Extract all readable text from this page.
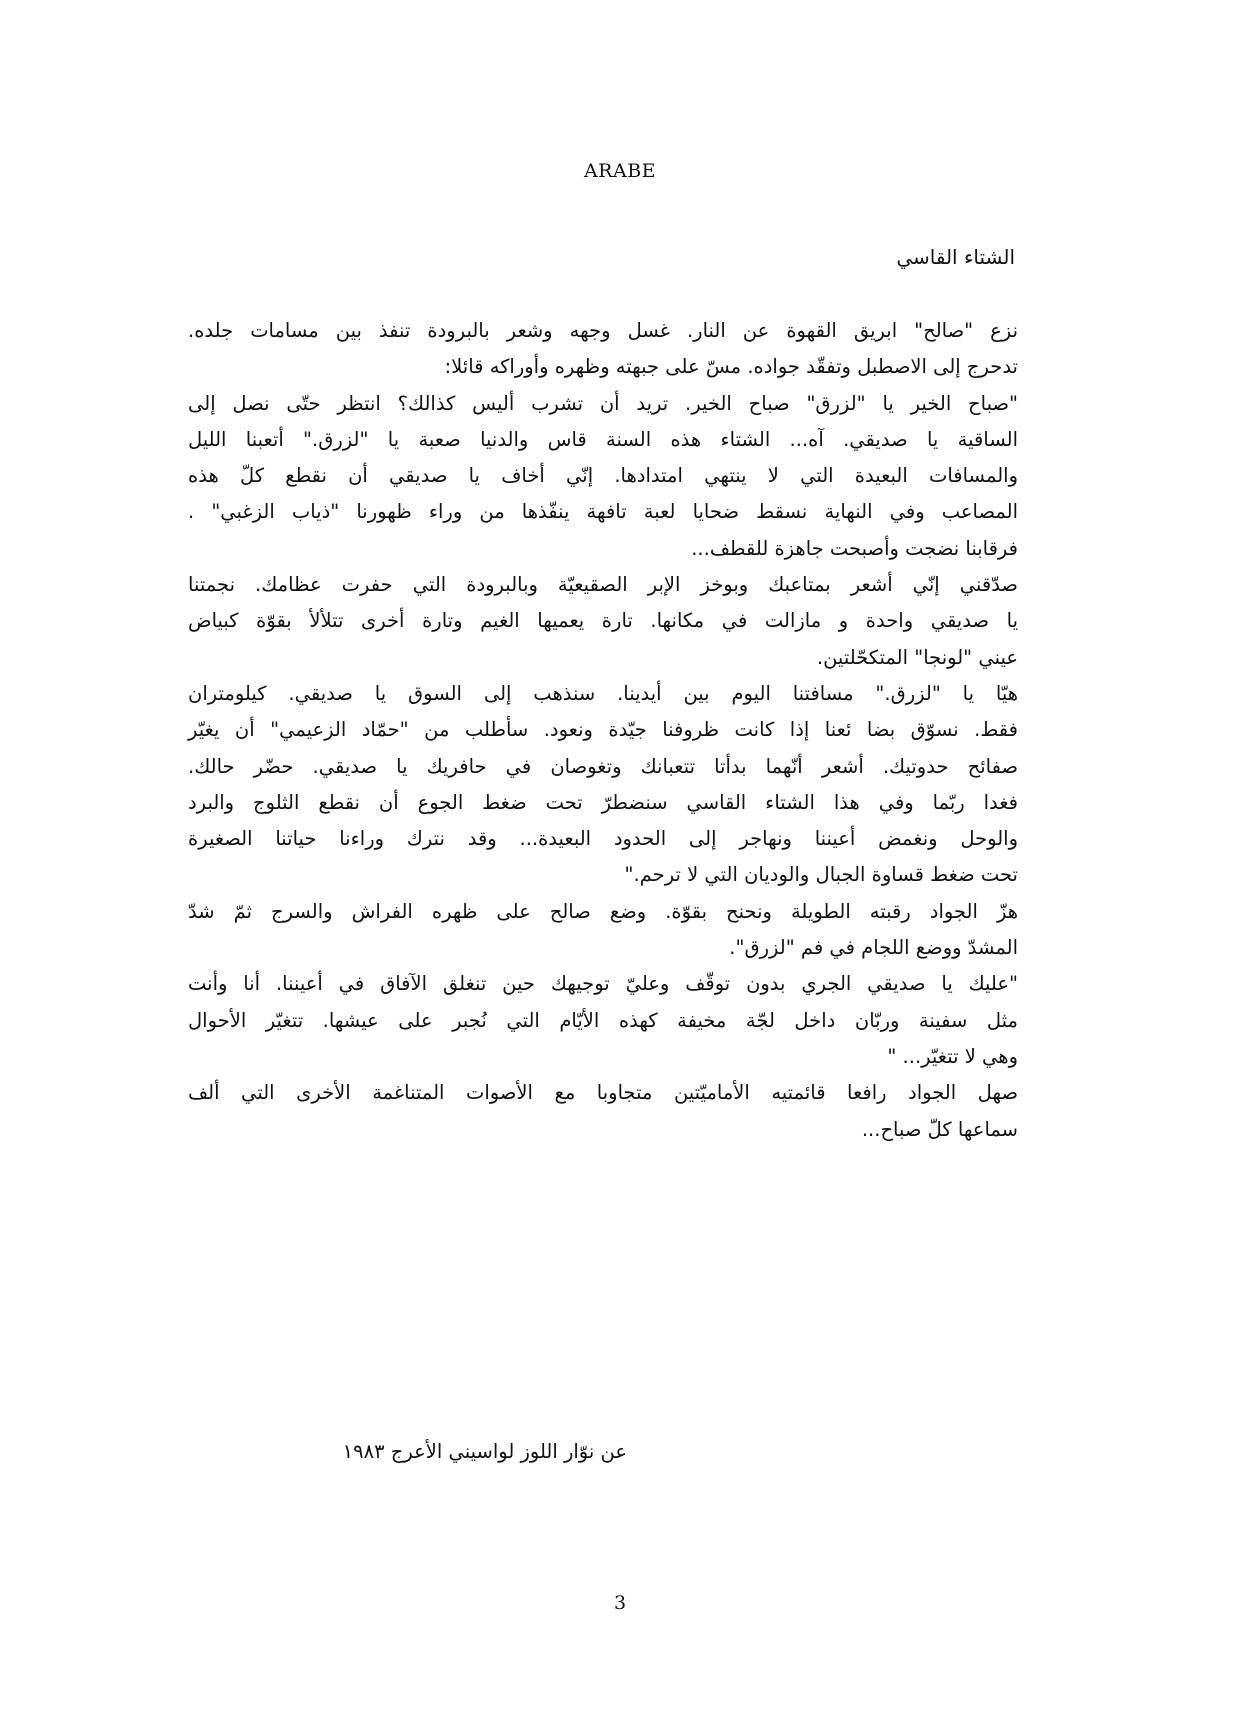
ARABE
الشتاء القاسي
نزع "صالح" ابريق القهوة عن النار. غسل وجهه وشعر بالبرودة تنفذ بين مسامات جلده.
تدحرج إلى الاصطبل وتفقّد جواده. مسّ على جبهته وظهره وأوراكه قائلا:
"صباح الخير يا "لزرق" صباح الخير. تريد أن تشرب أليس كذالك؟ انتظر حتّى نصل إلى
الساقية يا صديقي. آه... الشتاء هذه السنة قاس والدنيا صعبة يا "لزرق." أتعبنا الليل
والمسافات البعيدة التي لا ينتهي امتدادها. إنّي أخاف يا صديقي أن نقطع كلّ هذه
المصاعب وفي النهاية نسقط ضحايا لعبة تافهة ينفّذها من وراء ظهورنا "ذياب الزغبي" .
فرقابنا نضجت وأصبحت جاهزة للقطف...
صدّقني إنّي أشعر بمتاعبك وبوخز الإبر الصقيعيّة وبالبرودة التي حفرت عظامك. نجمتنا
يا صديقي واحدة و مازالت في مكانها. تارة يعميها الغيم وتارة أخرى تتلألأ بقوّة كبياض
عيني "لونجا" المتكحّلتين.
هيّا يا "لزرق." مسافتنا اليوم بين أيدينا. سنذهب إلى السوق يا صديقي. كيلومتران
فقط. نسوّق بضا ئعنا إذا كانت ظروفنا جيّدة ونعود. سأطلب من "حمّاد الزعيمي" أن يغيّر
صفائح حدوتيك. أشعر أنّهما بدأتا تتعبانك وتغوصان في حافريك يا صديقي. حضّر حالك.
فغدا ربّما وفي هذا الشتاء القاسي سنضطرّ تحت ضغط الجوع أن نقطع الثلوج والبرد
والوحل ونغمض أعيننا ونهاجر إلى الحدود البعيدة... وقد نترك وراءنا حياتنا الصغيرة
تحت ضغط قساوة الجبال والوديان التي لا ترحم."
هزّ الجواد رقبته الطويلة ونحنح بقوّة. وضع صالح على ظهره الفراش والسرج ثمّ شدّ
المشدّ ووضع اللجام في فم "لزرق".
"عليك يا صديقي الجري بدون توقّف وعليّ توجيهك حين تنغلق الآفاق في أعيننا. أنا وأنت
مثل سفينة وربّان داخل لجّة مخيفة كهذه الأيّام التي نُجبر على عيشها. تتغيّر الأحوال
وهي لا تتغيّر... "
صهل الجواد رافعا قائمتيه الأماميّتين متجاوبا مع الأصوات المتناغمة الأخرى التي ألف
سماعها كلّ صباح...
عن نوّار اللوز لواسيني الأعرج ١٩٨٣
3
